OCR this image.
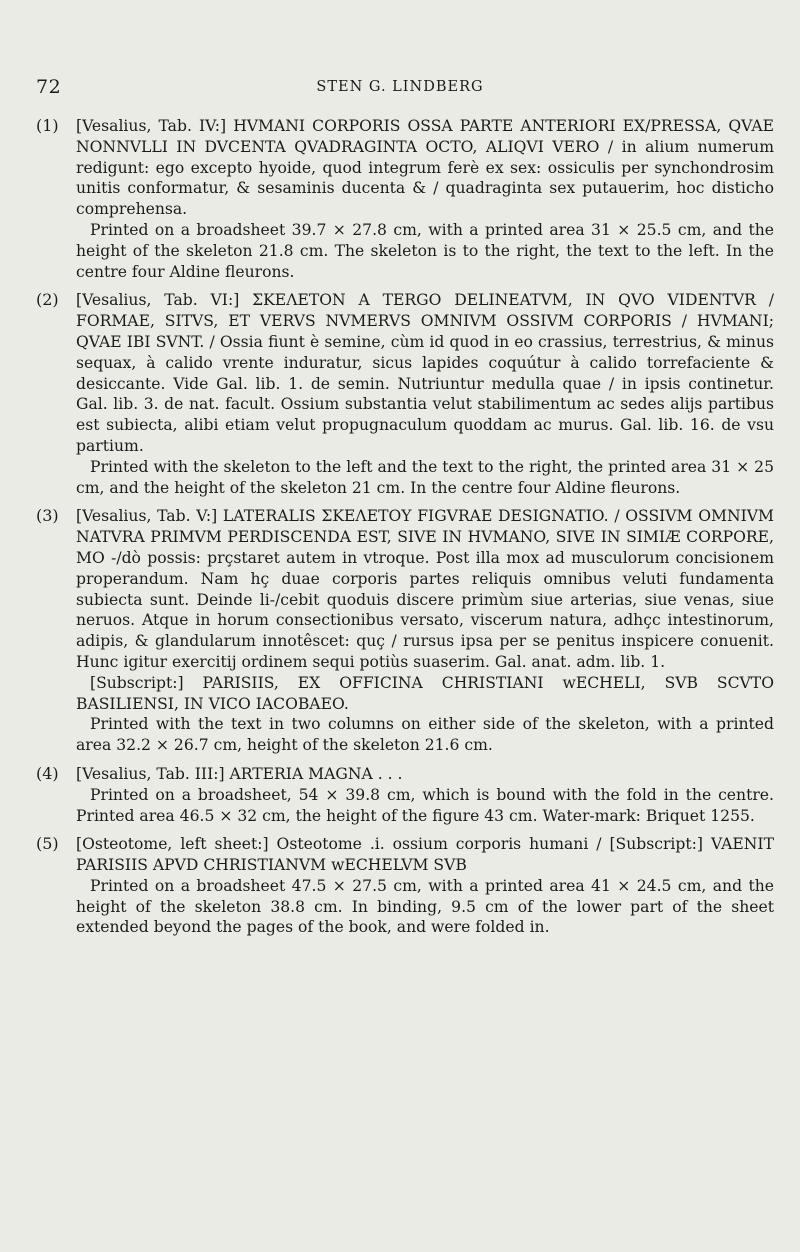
72	STEN G. LINDBERG
(1) [Vesalius, Tab. IV:] HVMANI CORPORIS OSSA PARTE ANTERIORI EX/PRESSA, QVAE NONNVLLI IN DVCENTA QVADRAGINTA OCTO, ALIQVI VERO / in alium numerum redigunt: ego excepto hyoide, quod integrum ferè ex sex: ossiculis per synchondrosim unitis conformatur, & sesaminis ducenta & / quadraginta sex putauerim, hoc disticho comprehensa.

Printed on a broadsheet 39.7 × 27.8 cm, with a printed area 31 × 25.5 cm, and the height of the skeleton 21.8 cm. The skeleton is to the right, the text to the left. In the centre four Aldine fleurons.

(2) [Vesalius, Tab. VI:] ΣΚΕΛΕΤΟΝ A TERGO DELINEATVM, IN QVO VIDENTVR / FORMAE, SITVS, ET VERVS NVMERVS OMNIVM OSSIVM CORPORIS / HVMANI; QVAE IBI SVNT. / Ossia fiunt è semine, cùm id quod in eo crassius, terrestrius, & minus sequax, à calido vrente induratur, sicus lapides coquútur à calido torrefaciente & desiccante. Vide Gal. lib. 1. de semin. Nutriuntur medulla quae / in ipsis continetur. Gal. lib. 3. de nat. facult. Ossium substantia velut stabilimentum ac sedes alijs partibus est subiecta, alibi etiam velut propugnaculum quoddam ac murus. Gal. lib. 16. de vsu partium.

Printed with the skeleton to the left and the text to the right, the printed area 31 × 25 cm, and the height of the skeleton 21 cm. In the centre four Aldine fleurons.

(3) [Vesalius, Tab. V:] LATERALIS ΣΚΕΛΕΤΟΥ FIGVRAE DESIGNATIO. / OSSIVM OMNIVM NATVRA PRIMVM PERDISCENDA EST, SIVE IN HVMANO, SIVE IN SIMIÆ CORPORE, MO -/dò possis: prçstaret autem in vtroque. Post illa mox ad musculorum concisionem properandum. Nam hç duae corporis partes reliquis omnibus veluti fundamenta subiecta sunt. Deinde li-/cebit quoduis discere primùm siue arterias, siue venas, siue neruos. Atque in horum consectionibus versato, viscerum natura, adhçc intestinorum, adipis, & glandularum innotêscet: quç / rursus ipsa per se penitus inspicere conuenit. Hunc igitur exercitij ordinem sequi potiùs suaserim. Gal. anat. adm. lib. 1.

[Subscript:] PARISIIS, EX OFFICINA CHRISTIANI wECHELI, SVB SCVTO BASILIENSI, IN VICO IACOBAEO.

Printed with the text in two columns on either side of the skeleton, with a printed area 32.2 × 26.7 cm, height of the skeleton 21.6 cm.

(4) [Vesalius, Tab. III:] ARTERIA MAGNA . . .

Printed on a broadsheet, 54 × 39.8 cm, which is bound with the fold in the centre. Printed area 46.5 × 32 cm, the height of the figure 43 cm. Water-mark: Briquet 1255.

(5) [Osteotome, left sheet:] Osteotome .i. ossium corporis humani / [Subscript:] VAENIT PARISIIS APVD CHRISTIANVM wECHELVM SVB

Printed on a broadsheet 47.5 × 27.5 cm, with a printed area 41 × 24.5 cm, and the height of the skeleton 38.8 cm. In binding, 9.5 cm of the lower part of the sheet extended beyond the pages of the book, and were folded in.
